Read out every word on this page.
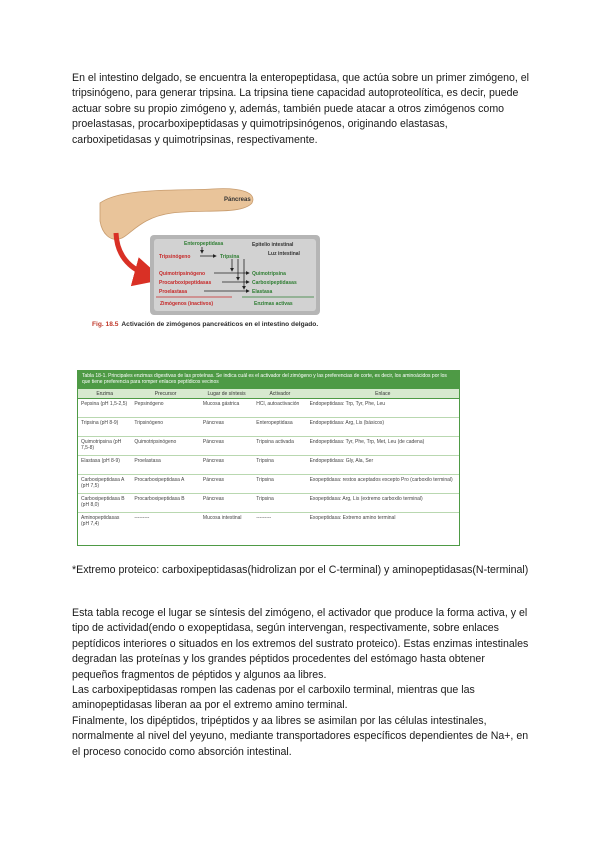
En el intestino delgado, se encuentra la enteropeptidasa, que actúa sobre un primer zimógeno, el tripsinógeno, para generar tripsina. La tripsina tiene capacidad autoproteolítica, es decir, puede actuar sobre su propio zimógeno y, además, también puede atacar a otros zimógenos como proelastasas, procarboxipeptidasas y quimotripsinógenos, originando elastasas, carboxipetidasas y quimotripsinas, respectivamente.

Páncreas
Epitelio intestinal
Luz intestinal
Enteropeptidasa
Tripsinógeno
Quimotripsinógeno
Procarboxipeptidasas
Proelastasa
Tripsina
Quimotripsina
Carboxipeptidasas
Elastasa
Zimógenos (inactivos)	Enzimas activas
Fig. 18.5 Activación de zimógenos pancreáticos en el intestino delgado.
Tabla 18-1. Principales enzimas digestivas de las proteínas. Se indica cuál es el activador del zimógeno y las preferencias de corte, es decir, los aminoácidos por los que tiene preferencia para romper enlaces peptídicos vecinos
Enzima	Precursor	Lugar de síntesis	Activador	Enlace
Pepsina (pH 1,5-2,5)	Pepsinógeno	Mucosa gástrica	HCl, autoactivación	Endopeptidasa: Trp, Tyr, Phe, Leu
Tripsina (pH 8-9)	Tripsinógeno	Páncreas	Enteropeptidasa	Endopeptidasa: Arg, Lis (básicos)
Quimotripsina (pH 7,5-8)	Quimotripsinógeno	Páncreas	Tripsina activada	Endopeptidasa: Tyr, Phe, Trp, Met, Leu (de cadena)
Elastasa (pH 8-9)	Proelastasa	Páncreas	Tripsina	Endopeptidasa: Gly, Ala, Ser
Carboxipeptidasa A (pH 7,5)	Procarboxipeptidasa A	Páncreas	Tripsina	Exopeptidasa: restos aceptados excepto Pro (carboxilo terminal)
Carboxipeptidasa B (pH 8,0)	Procarboxipeptidasa B	Páncreas	Tripsina	Exopeptidasa: Arg, Lis (extremo carboxilo terminal)
Aminopeptidasas (pH 7,4)	---------	Mucosa intestinal	---------	Exopeptidasa: Extremo amino terminal

*Extremo proteico: carboxipeptidasas(hidrolizan por el C-terminal) y aminopeptidasas(N-terminal)

Esta tabla recoge el lugar se síntesis del zimógeno, el activador que produce la forma activa, y el tipo de actividad(endo o exopeptidasa, según intervengan, respectivamente, sobre enlaces peptídicos interiores o situados en los extremos del sustrato proteico). Estas enzimas intestinales degradan las proteínas y los grandes péptidos procedentes del estómago hasta obtener pequeños fragmentos de péptidos y algunos aa libres.
Las carboxipeptidasas rompen las cadenas por el carboxilo terminal, mientras que las aminopeptidasas liberan aa por el extremo amino terminal.
Finalmente, los dipéptidos, tripéptidos y aa libres se asimilan por las células intestinales, normalmente al nivel del yeyuno, mediante transportadores específicos dependientes de Na+, en el proceso conocido como absorción intestinal.
